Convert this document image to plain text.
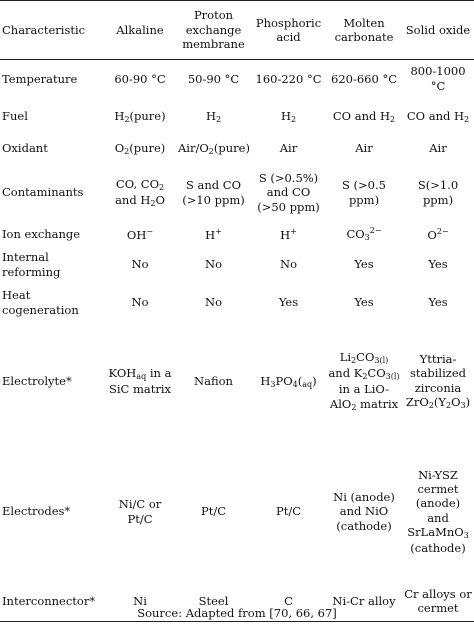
Characteristic	Alkaline	Proton exchange membrane	Phosphoric acid	Molten carbonate	Solid oxide
Temperature	60-90 °C	50-90 °C	160-220 °C	620-660 °C	800-1000 °C
Fuel	$H_2(pure)$	$H_2$	$H_2$	CO and $H_2$	CO and $H_2$
Oxidant	$O_2(pure)$	Air/$O_2(pure)$	Air	Air	Air
Contaminants	CO, $CO_2$ and $H_2O$	S and CO (>10 ppm)	S (>0.5%) and CO (>50 ppm)	S (>0.5 ppm)	S(>1.0 ppm)
Ion exchange	OH−	H+	H+	$CO_3^{2-}$	$O^{2-}$
Internal reforming	No	No	No	Yes	Yes
Heat cogeneration	No	No	Yes	Yes	Yes
Electrolyte*	$KOH_{aq}$ in a SiC matrix	Nafion	$H_3PO_4(_{aq})$	$Li_2CO_{3(l)}$ and $K_2CO_{3(l)}$ in a LiO-AlO$_2$ matrix	Yttria-stabilized zirconia $ZrO_2(Y_2O_3)$
Electrodes*	Ni/C or Pt/C	Pt/C	Pt/C	Ni (anode) and NiO (cathode)	Ni-YSZ cermet (anode) and SrLaMnO$_3$ (cathode)
Interconnector*	Ni	Steel	C	Ni-Cr alloy	Cr alloys or cermet
Source: Adapted from [70, 66, 67]
